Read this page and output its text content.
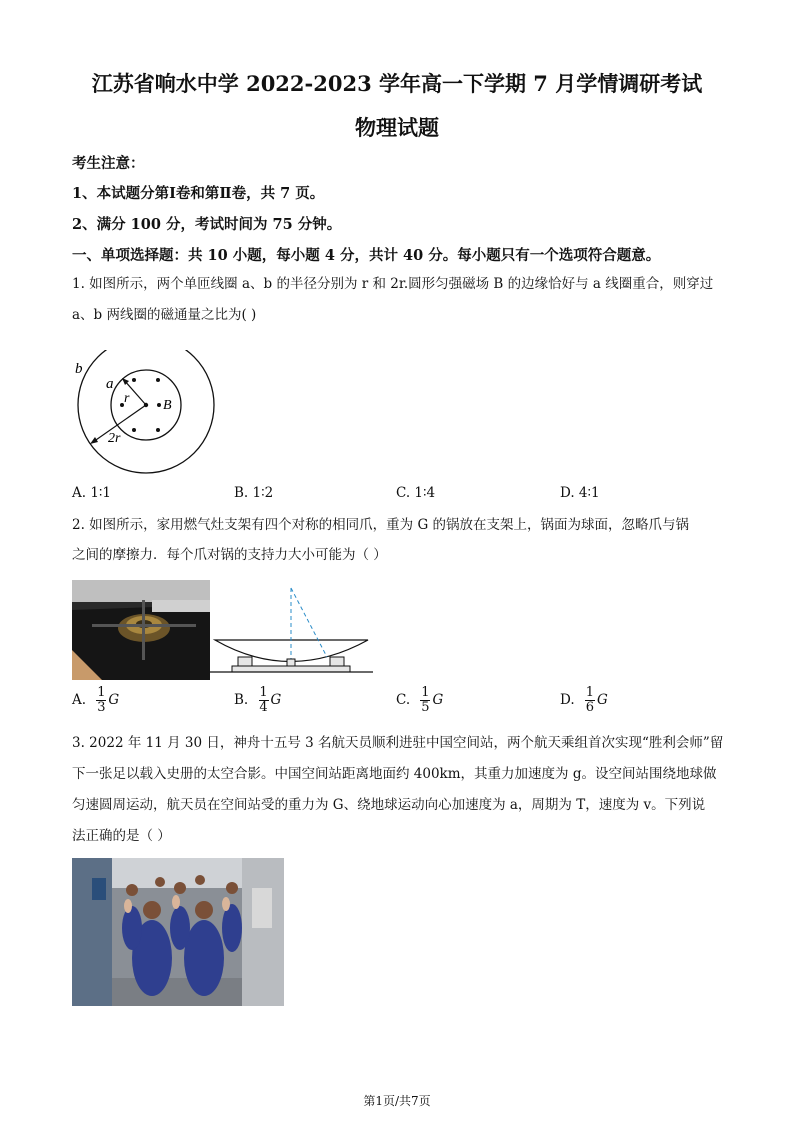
江苏省响水中学 2022-2023 学年高一下学期 7 月学情调研考试
物理试题
考生注意：
1、本试题分第Ⅰ卷和第Ⅱ卷，共 7 页。
2、满分 100 分，考试时间为 75 分钟。
一、单项选择题：共 10 小题，每小题 4 分，共计 40 分。每小题只有一个选项符合题意。
1. 如图所示，两个单匝线圈 a、b 的半径分别为 r 和 2r.圆形匀强磁场 B 的边缘恰好与 a 线圈重合，则穿过
a、b 两线圈的磁通量之比为( )
b
a
r B
2r
A. 1∶1	B. 1∶2	C. 1∶4	D. 4∶1
2. 如图所示，家用燃气灶支架有四个对称的相同爪，重为 G 的锅放在支架上，锅面为球面，忽略爪与锅
之间的摩擦力．每个爪对锅的支持力大小可能为（ ）
A. $\frac{1}{3}$ G	B. $\frac{1}{4}$ G	C. $\frac{1}{5}$ G	D. $\frac{1}{6}$ G
3. 2022 年 11 月 30 日，神舟十五号 3 名航天员顺利进驻中国空间站，两个航天乘组首次实现“胜利会师”留
下一张足以载入史册的太空合影。中国空间站距离地面约 400km，其重力加速度为 g。设空间站围绕地球做
匀速圆周运动，航天员在空间站受的重力为 G、绕地球运动向心加速度为 a，周期为 T，速度为 v。下列说
法正确的是（ ）
第1页/共7页
